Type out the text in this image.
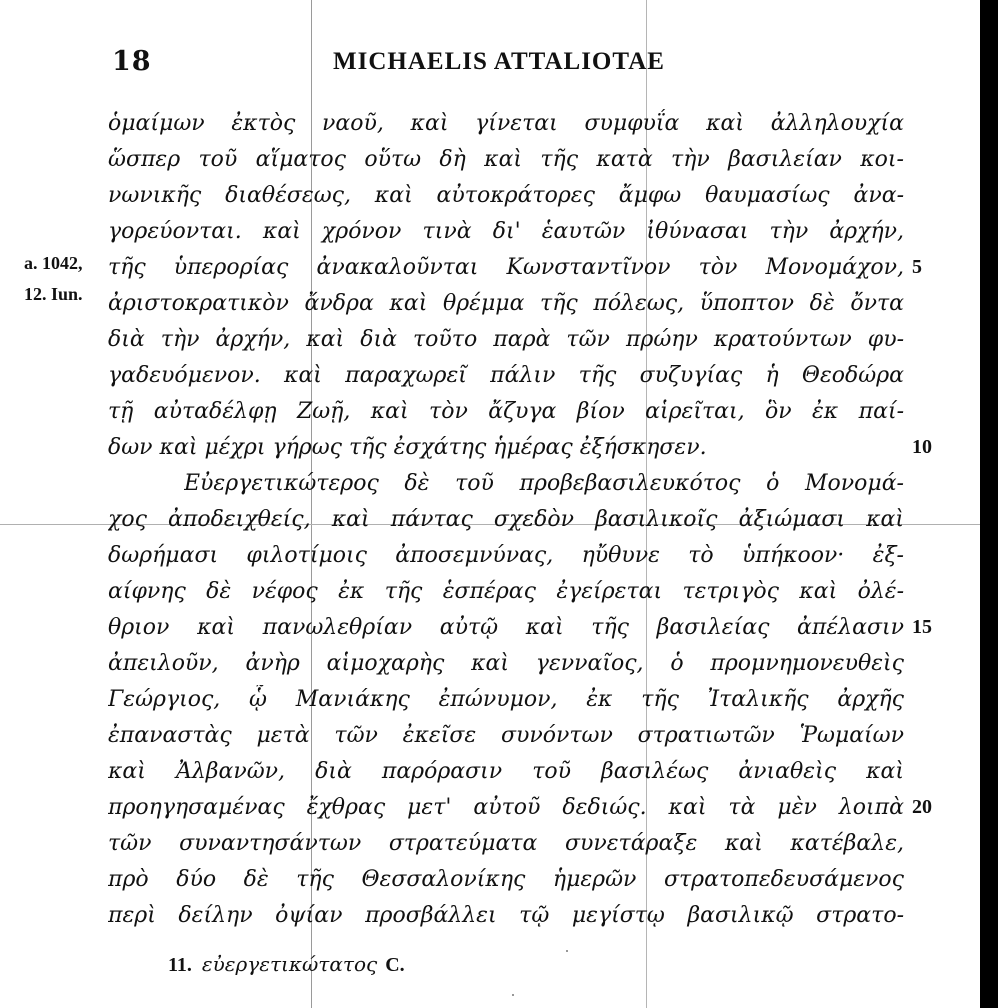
18	MICHAELIS ATTALIOTAE
a. 1042,
12. Iun.
ὁμαίμων ἐκτὸς ναοῦ, καὶ γίνεται συμφυΐα καὶ ἀλληλουχία
ὥσπερ τοῦ αἵματος οὕτω δὴ καὶ τῆς κατὰ τὴν βασιλείαν κοι-
νωνικῆς διαθέσεως, καὶ αὐτοκράτορες ἄμφω θαυμασίως ἀνα-
γορεύονται. καὶ χρόνον τινὰ δι' ἑαυτῶν ἰθύνασαι τὴν ἀρχήν,
τῆς ὑπερορίας ἀνακαλοῦνται Κωνσταντῖνον τὸν Μονομάχον,
ἀριστοκρατικὸν ἄνδρα καὶ θρέμμα τῆς πόλεως, ὕποπτον δὲ ὄντα
διὰ τὴν ἀρχήν, καὶ διὰ τοῦτο παρὰ τῶν πρώην κρατούντων φυ-
γαδευόμενον. καὶ παραχωρεῖ πάλιν τῆς συζυγίας ἡ Θεοδώρα
τῇ αὐταδέλφῃ Ζωῇ, καὶ τὸν ἄζυγα βίον αἱρεῖται, ὃν ἐκ παί-
δων καὶ μέχρι γήρως τῆς ἐσχάτης ἡμέρας ἐξήσκησεν.
Εὐεργετικώτερος δὲ τοῦ προβεβασιλευκότος ὁ Μονομά-
χος ἀποδειχθείς, καὶ πάντας σχεδὸν βασιλικοῖς ἀξιώμασι καὶ
δωρήμασι φιλοτίμοις ἀποσεμνύνας, ηὔθυνε τὸ ὑπήκοον· ἐξ-
αίφνης δὲ νέφος ἐκ τῆς ἑσπέρας ἐγείρεται τετριγὸς καὶ ὀλέ-
θριον καὶ πανωλεθρίαν αὐτῷ καὶ τῆς βασιλείας ἀπέλασιν
ἀπειλοῦν, ἀνὴρ αἱμοχαρὴς καὶ γενναῖος, ὁ προμνημονευθεὶς
Γεώργιος, ᾧ Μανιάκης ἐπώνυμον, ἐκ τῆς Ἰταλικῆς ἀρχῆς
ἐπαναστὰς μετὰ τῶν ἐκεῖσε συνόντων στρατιωτῶν Ῥωμαίων
καὶ Ἀλβανῶν, διὰ παρόρασιν τοῦ βασιλέως ἀνιαθεὶς καὶ
προηγησαμένας ἔχθρας μετ' αὐτοῦ δεδιώς. καὶ τὰ μὲν λοιπὰ
τῶν συναντησάντων στρατεύματα συνετάραξε καὶ κατέβαλε,
πρὸ δύο δὲ τῆς Θεσσαλονίκης ἡμερῶν στρατοπεδευσάμενος
περὶ δείλην ὀψίαν προσβάλλει τῷ μεγίστῳ βασιλικῷ στρατο-
5
10
15
20
11. εὐεργετικώτατος C.
